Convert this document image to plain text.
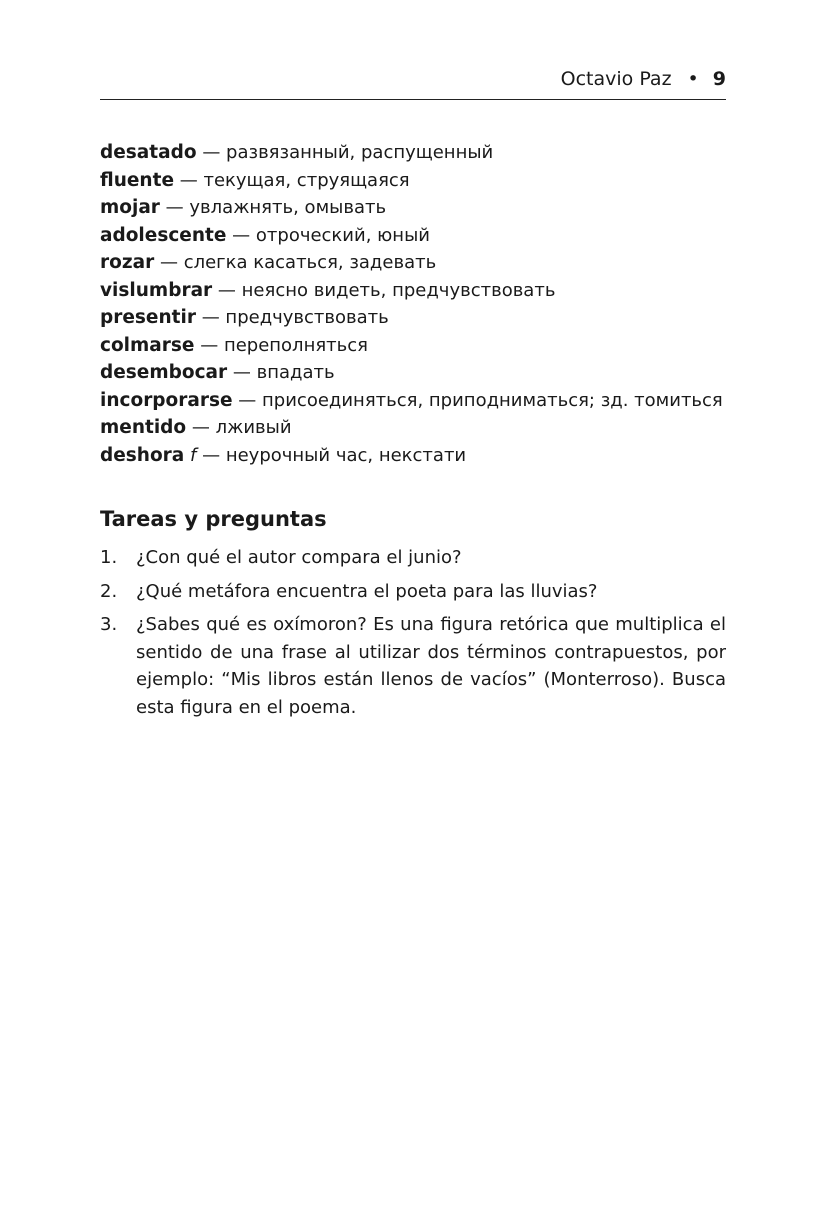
Octavio Paz • 9
desatado — развязанный, распущенный
fluente — текущая, струящаяся
mojar — увлажнять, омывать
adolescente — отроческий, юный
rozar — слегка касаться, задевать
vislumbrar — неясно видеть, предчувствовать
presentir — предчувствовать
colmarse — переполняться
desembocar — впадать
incorporarse — присоединяться, приподниматься; зд. томиться
mentido — лживый
deshora f — неурочный час, некстати
Tareas y preguntas
1. ¿Con qué el autor compara el junio?
2. ¿Qué metáfora encuentra el poeta para las lluvias?
3. ¿Sabes qué es oxímoron? Es una figura retórica que multiplica el sentido de una frase al utilizar dos términos contrapuestos, por ejemplo: “Mis libros están llenos de vacíos” (Monterroso). Busca esta figura en el poema.
